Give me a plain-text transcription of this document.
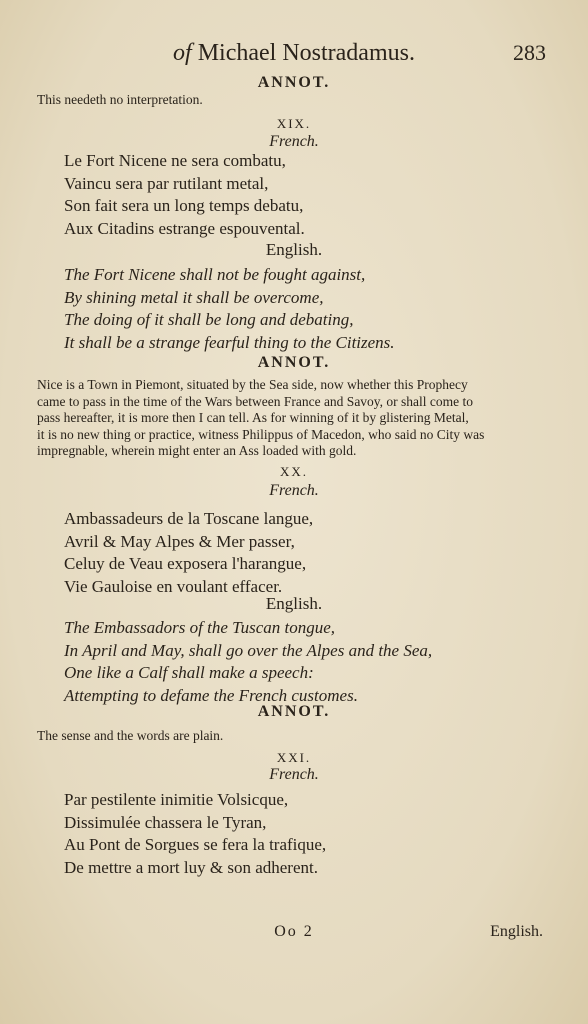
of Michael Nostradamus.	283
ANNOT.
This needeth no interpretation.
XIX.
French.
Le Fort Nicene ne sera combatu,
Vaincu sera par rutilant metal,
Son fait sera un long temps debatu,
Aux Citadins estrange espouvental.
English.
The Fort Nicene shall not be fought against,
By shining metal it shall be overcome,
The doing of it shall be long and debating,
It shall be a strange fearful thing to the Citizens.
ANNOT.
Nice is a Town in Piemont, situated by the Sea side, now whether this Prophecy
came to pass in the time of the Wars between France and Savoy, or shall come to
pass hereafter, it is more then I can tell. As for winning of it by glistering Metal,
it is no new thing or practice, witness Philippus of Macedon, who said no City was
impregnable, wherein might enter an Ass loaded with gold.
XX.
French.
Ambassadeurs de la Toscane langue,
Avril & May Alpes & Mer passer,
Celuy de Veau exposera l'harangue,
Vie Gauloise en voulant effacer.
English.
The Embassadors of the Tuscan tongue,
In April and May, shall go over the Alpes and the Sea,
One like a Calf shall make a speech:
Attempting to defame the French customes.
ANNOT.
The sense and the words are plain.
XXI.
French.
Par pestilente inimitie Volsicque,
Dissimulée chassera le Tyran,
Au Pont de Sorgues se fera la trafique,
De mettre a mort luy & son adherent.
Oo 2	English.
